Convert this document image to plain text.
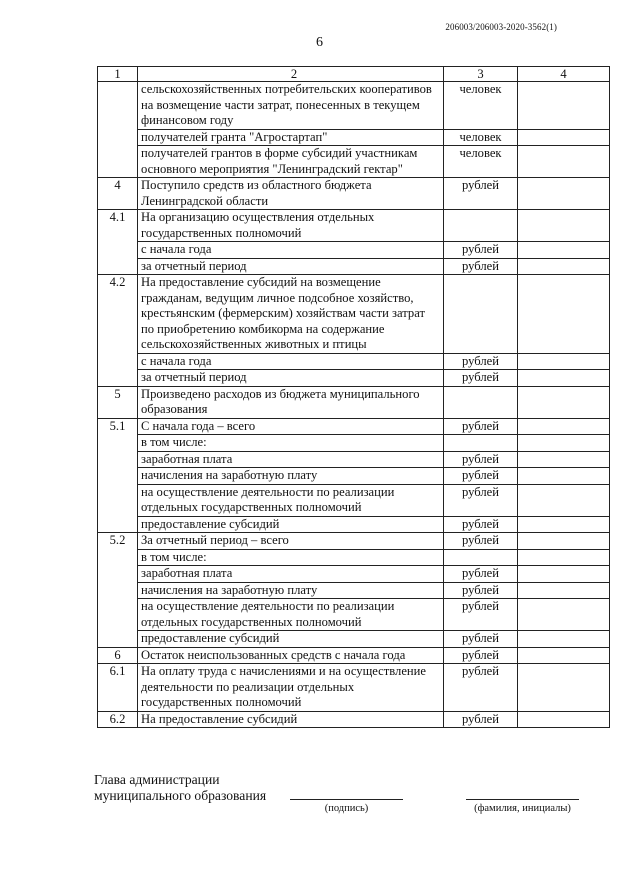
206003/206003-2020-3562(1)
6
1	2	3	4
	сельскохозяйственных потребительских кооперативов на возмещение части затрат, понесенных в текущем финансовом году	человек	
	получателей гранта "Агростартап"	человек	
	получателей грантов в форме субсидий участникам основного мероприятия "Ленинградский гектар"	человек	
4	Поступило средств из областного бюджета Ленинградской области	рублей	
4.1	На организацию осуществления отдельных государственных полномочий		
	с начала года	рублей	
	за отчетный период	рублей	
4.2	На предоставление субсидий на возмещение гражданам, ведущим личное подсобное хозяйство, крестьянским (фермерским) хозяйствам части затрат по приобретению комбикорма на содержание сельскохозяйственных животных и птицы		
	с начала года	рублей	
	за отчетный период	рублей	
5	Произведено расходов из бюджета муниципального образования		
5.1	С начала года – всего	рублей	
	в том числе:		
	заработная плата	рублей	
	начисления на заработную плату	рублей	
	на осуществление деятельности по реализации отдельных государственных полномочий	рублей	
	предоставление субсидий	рублей	
5.2	За отчетный период – всего	рублей	
	в том числе:		
	заработная плата	рублей	
	начисления на заработную плату	рублей	
	на осуществление деятельности по реализации отдельных государственных полномочий	рублей	
	предоставление субсидий	рублей	
6	Остаток неиспользованных средств с начала года	рублей	
6.1	На оплату труда с начислениями и на осуществление деятельности по реализации отдельных государственных полномочий	рублей	
6.2	На предоставление субсидий	рублей	
Глава администрации
муниципального образования
(подпись)	(фамилия, инициалы)
